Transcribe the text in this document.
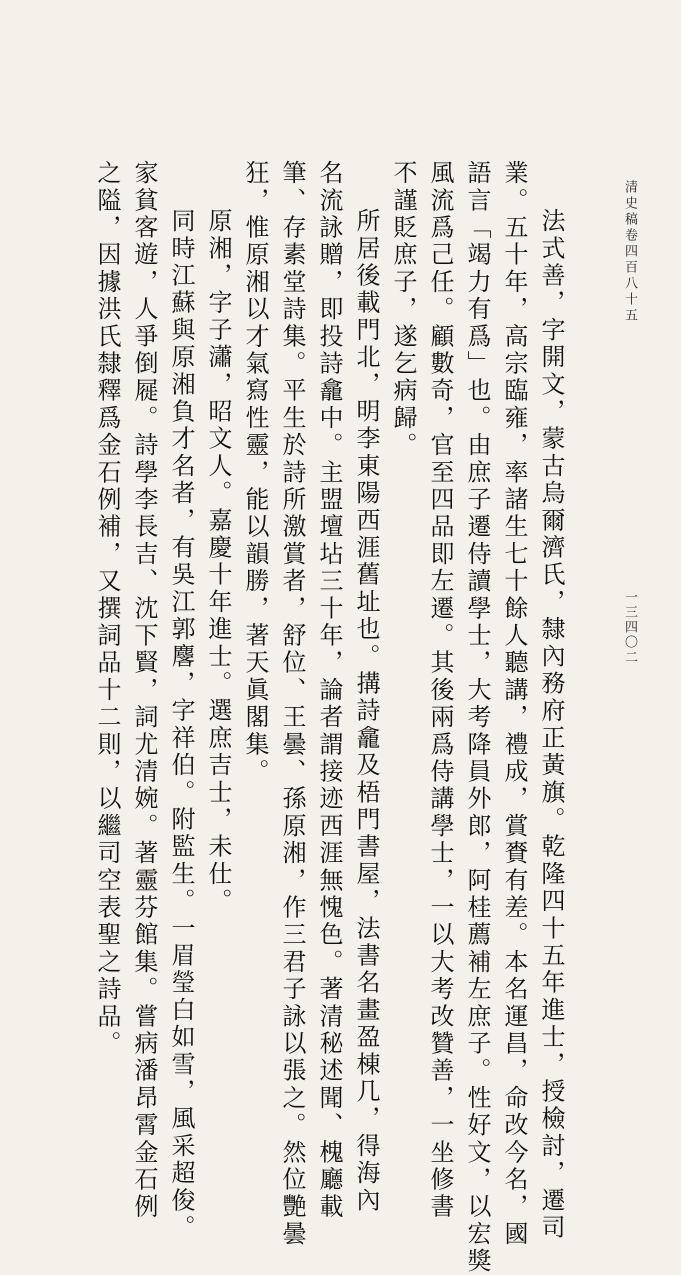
清史稿卷四百八十五
一三四〇二
法式善，字開文，蒙古烏爾濟氏，隸內務府正黃旗。乾隆四十五年進士，授檢討，遷司
業。五十年，高宗臨雍，率諸生七十餘人聽講，禮成，賞賚有差。本名運昌，命改今名，國
語言「竭力有爲」也。由庶子遷侍讀學士，大考降員外郎，阿桂薦補左庶子。性好文，以宏獎
風流爲己任。顧數奇，官至四品即左遷。其後兩爲侍講學士，一以大考改贊善，一坐修書
不謹貶庶子，遂乞病歸。
所居後載門北，明李東陽西涯舊址也。搆詩龕及梧門書屋，法書名畫盈棟几，得海內
名流詠贈，即投詩龕中。主盟壇坫三十年，論者謂接迹西涯無愧色。著清秘述聞、槐廳載
筆、存素堂詩集。平生於詩所激賞者，舒位、王曇、孫原湘，作三君子詠以張之。然位艷曇
狂，惟原湘以才氣寫性靈，能以韻勝，著天眞閣集。
原湘，字子瀟，昭文人。嘉慶十年進士。選庶吉士，未仕。
同時江蘇與原湘負才名者，有吳江郭麐，字祥伯。附監生。一眉瑩白如雪，風采超俊。
家貧客遊，人爭倒屣。詩學李長吉、沈下賢，詞尤清婉。著靈芬館集。嘗病潘昂霄金石例
之隘，因據洪氏隸釋爲金石例補，又撰詞品十二則，以繼司空表聖之詩品。
